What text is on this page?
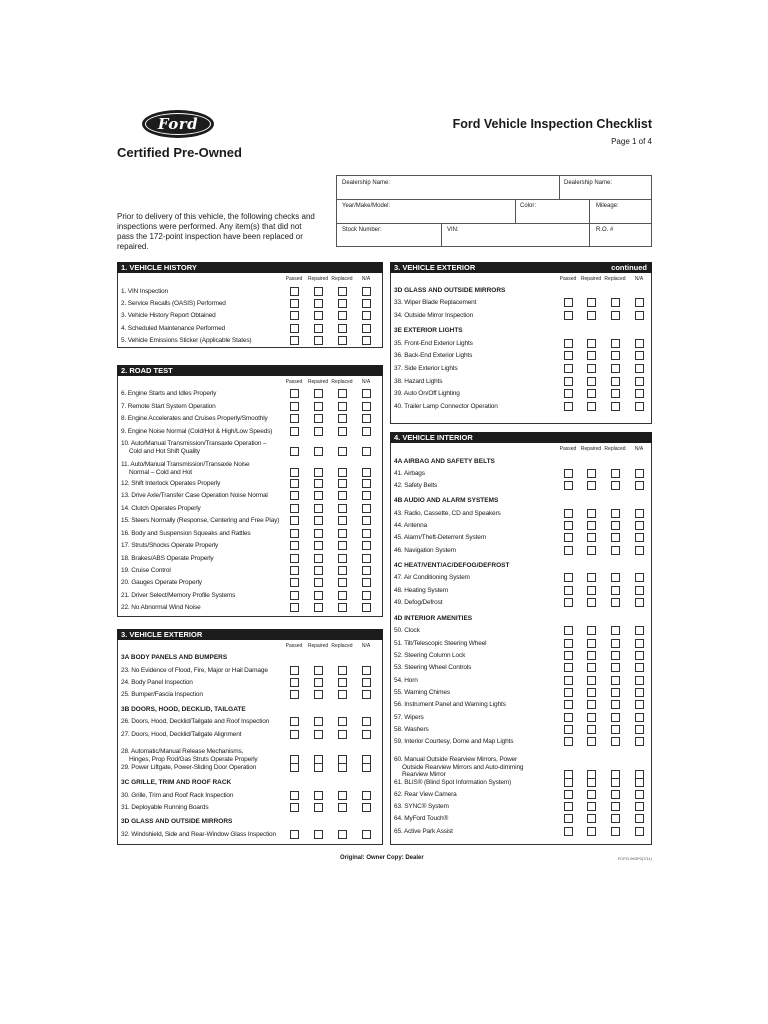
Ford
Certified Pre-Owned
Ford Vehicle Inspection Checklist
Page 1 of 4
Prior to delivery of this vehicle, the following checks and inspections were performed. Any item(s) that did not pass the 172-point inspection have been replaced or repaired.
Dealership Name:	Dealership Name:
Year/Make/Model:	Color:	Mileage:
Stock Number:	VIN:	R.O. #
1. VEHICLE HISTORY
Passed	Repaired Replaced	N/A
1. VIN Inspection
2. Service Recalls (OASIS) Performed
3. Vehicle History Report Obtained
4. Scheduled Maintenance Performed
5. Vehicle Emissions Sticker (Applicable States)
2. ROAD TEST
Passed	Repaired Replaced	N/A
6. Engine Starts and Idles Properly
7. Remote Start System Operation
8. Engine Accelerates and Cruises Properly/Smoothly
9. Engine Noise Normal (Cold/Hot & High/Low Speeds)
10. Auto/Manual Transmission/Transaxle Operation –
Cold and Hot Shift Quality
11. Auto/Manual Transmission/Transaxle Noise
Normal – Cold and Hot
12. Shift Interlock Operates Properly
13. Drive Axle/Transfer Case Operation Noise Normal
14. Clutch Operates Properly
15. Steers Normally (Response, Centering and Free Play)
16. Body and Suspension Squeaks and Rattles
17. Struts/Shocks Operate Properly
18. Brakes/ABS Operate Properly
19. Cruise Control
20. Gauges Operate Properly
21. Driver Select/Memory Profile Systems
22. No Abnormal Wind Noise
3. VEHICLE EXTERIOR
Passed	Repaired Replaced	N/A
3A BODY PANELS AND BUMPERS
23. No Evidence of Flood, Fire, Major or Hail Damage
24. Body Panel Inspection
25. Bumper/Fascia Inspection
3B DOORS, HOOD, DECKLID, TAILGATE
26. Doors, Hood, Decklid/Tailgate and Roof Inspection
27. Doors, Hood, Decklid/Tailgate Alignment
28. Automatic/Manual Release Mechanisms,
Hinges, Prop Rod/Gas Struts Operate Properly
29. Power Liftgate, Power-Sliding Door Operation
3C GRILLE, TRIM AND ROOF RACK
30. Grille, Trim and Roof Rack Inspection
31. Deployable Running Boards
3D GLASS AND OUTSIDE MIRRORS
32. Windshield, Side and Rear-Window Glass Inspection
3. VEHICLE EXTERIOR	continued
Passed Repaired Replaced	N/A
3D GLASS AND OUTSIDE MIRRORS
33. Wiper Blade Replacement
34. Outside Mirror Inspection
3E EXTERIOR LIGHTS
35. Front-End Exterior Lights
36. Back-End Exterior Lights
37. Side Exterior Lights
38. Hazard Lights
39. Auto On/Off Lighting
40. Trailer Lamp Connector Operation
4. VEHICLE INTERIOR
Passed Repaired Replaced	N/A
4A AIRBAG AND SAFETY BELTS
41. Airbags
42. Safety Belts
4B AUDIO AND ALARM SYSTEMS
43. Radio, Cassette, CD and Speakers
44. Antenna
45. Alarm/Theft-Deterrent System
46. Navigation System
4C HEAT/VENT/AC/DEFOG/DEFROST
47. Air Conditioning System
48. Heating System
49. Defog/Defrost
4D INTERIOR AMENITIES
50. Clock
51. Tilt/Telescopic Steering Wheel
52. Steering Column Lock
53. Steering Wheel Controls
54. Horn
55. Warning Chimes
56. Instrument Panel and Warning Lights
57. Wipers
58. Washers
59. Interior Courtesy, Dome and Map Lights
60. Manual Outside Rearview Mirrors, Power
Outside Rearview Mirrors and Auto-dimming
Rearview Mirror
61. BLIS® (Blind Spot Information System)
62. Rear View Camera
63. SYNC® System
64. MyFord Touch®
65. Active Park Assist
Original: Owner Copy: Dealer	FCPO-963P0(7/11)
